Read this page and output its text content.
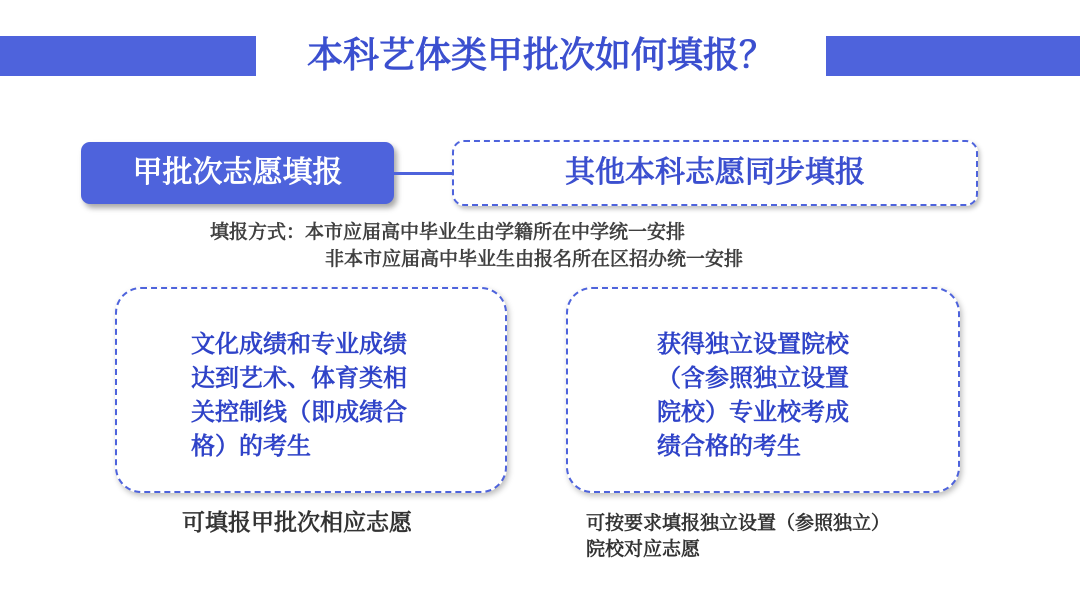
本科艺体类甲批次如何填报？
甲批次志愿填报	其他本科志愿同步填报
填报方式：本市应届高中毕业生由学籍所在中学统一安排
非本市应届高中毕业生由报名所在区招办统一安排
文化成绩和专业成绩
达到艺术、体育类相
关控制线（即成绩合
格）的考生
获得独立设置院校
（含参照独立设置
院校）专业校考成
绩合格的考生
可填报甲批次相应志愿	可按要求填报独立设置（参照独立）
院校对应志愿
